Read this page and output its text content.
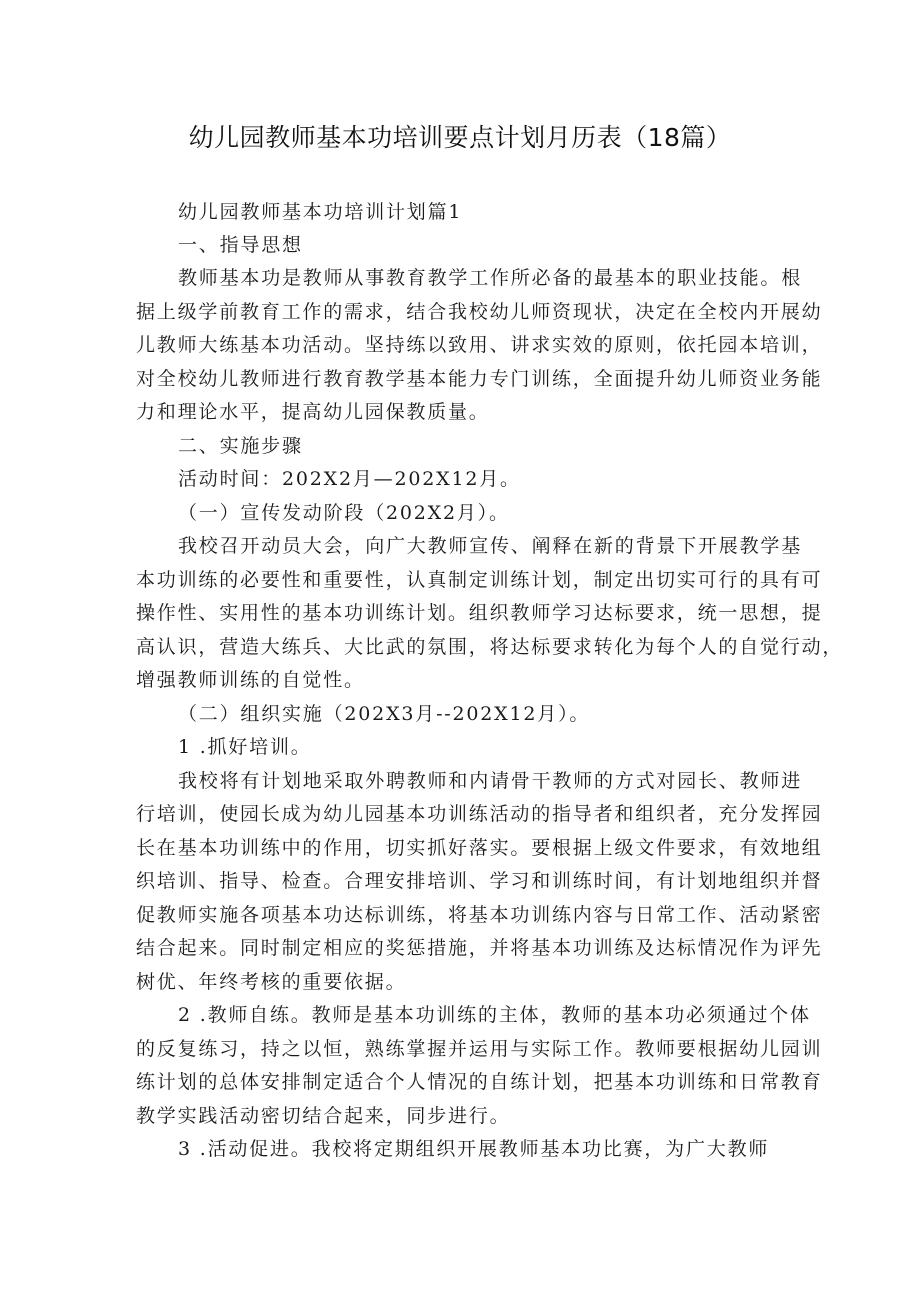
幼儿园教师基本功培训要点计划月历表（18篇）
幼儿园教师基本功培训计划篇1
一、指导思想
教师基本功是教师从事教育教学工作所必备的最基本的职业技能。根
据上级学前教育工作的需求，结合我校幼儿师资现状，决定在全校内开展幼
儿教师大练基本功活动。坚持练以致用、讲求实效的原则，依托园本培训，
对全校幼儿教师进行教育教学基本能力专门训练，全面提升幼儿师资业务能
力和理论水平，提高幼儿园保教质量。
二、实施步骤
活动时间：202X2月—202X12月。
（一）宣传发动阶段（202X2月）。
我校召开动员大会，向广大教师宣传、阐释在新的背景下开展教学基
本功训练的必要性和重要性，认真制定训练计划，制定出切实可行的具有可
操作性、实用性的基本功训练计划。组织教师学习达标要求，统一思想，提
高认识，营造大练兵、大比武的氛围，将达标要求转化为每个人的自觉行动，
增强教师训练的自觉性。
（二）组织实施（202X3月--202X12月）。
1 .抓好培训。
我校将有计划地采取外聘教师和内请骨干教师的方式对园长、教师进
行培训，使园长成为幼儿园基本功训练活动的指导者和组织者，充分发挥园
长在基本功训练中的作用，切实抓好落实。要根据上级文件要求，有效地组
织培训、指导、检查。合理安排培训、学习和训练时间，有计划地组织并督
促教师实施各项基本功达标训练，将基本功训练内容与日常工作、活动紧密
结合起来。同时制定相应的奖惩措施，并将基本功训练及达标情况作为评先
树优、年终考核的重要依据。
2 .教师自练。教师是基本功训练的主体，教师的基本功必须通过个体
的反复练习，持之以恒，熟练掌握并运用与实际工作。教师要根据幼儿园训
练计划的总体安排制定适合个人情况的自练计划，把基本功训练和日常教育
教学实践活动密切结合起来，同步进行。
3 .活动促进。我校将定期组织开展教师基本功比赛，为广大教师
